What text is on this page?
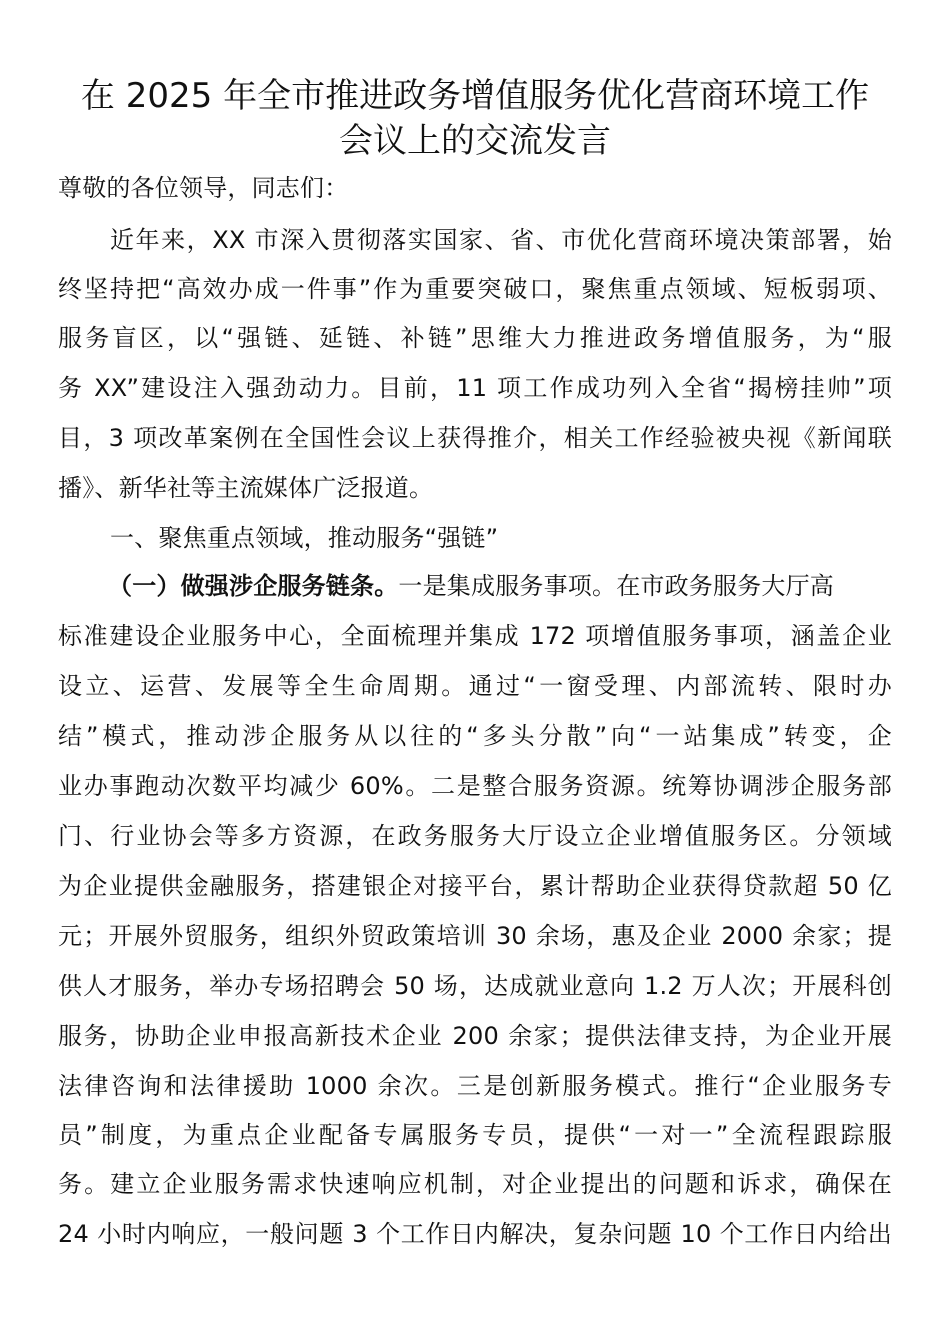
在 2025 年全市推进政务增值服务优化营商环境工作
会议上的交流发言
尊敬的各位领导，同志们：
近年来，XX 市深入贯彻落实国家、省、市优化营商环境决策部署，始
终坚持把“高效办成一件事”作为重要突破口，聚焦重点领域、短板弱项、
服务盲区，以“强链、延链、补链”思维大力推进政务增值服务，为“服
务 XX”建设注入强劲动力。目前，11 项工作成功列入全省“揭榜挂帅”项
目，3 项改革案例在全国性会议上获得推介，相关工作经验被央视《新闻联
播》、新华社等主流媒体广泛报道。
一、聚焦重点领域，推动服务“强链”
（一）做强涉企服务链条。一是集成服务事项。在市政务服务大厅高
标准建设企业服务中心，全面梳理并集成 172 项增值服务事项，涵盖企业
设立、运营、发展等全生命周期。通过“一窗受理、内部流转、限时办
结”模式，推动涉企服务从以往的“多头分散”向“一站集成”转变，企
业办事跑动次数平均减少 60%。二是整合服务资源。统筹协调涉企服务部
门、行业协会等多方资源，在政务服务大厅设立企业增值服务区。分领域
为企业提供金融服务，搭建银企对接平台，累计帮助企业获得贷款超 50 亿
元；开展外贸服务，组织外贸政策培训 30 余场，惠及企业 2000 余家；提
供人才服务，举办专场招聘会 50 场，达成就业意向 1.2 万人次；开展科创
服务，协助企业申报高新技术企业 200 余家；提供法律支持，为企业开展
法律咨询和法律援助 1000 余次。三是创新服务模式。推行“企业服务专
员”制度，为重点企业配备专属服务专员，提供“一对一”全流程跟踪服
务。建立企业服务需求快速响应机制，对企业提出的问题和诉求，确保在
24 小时内响应，一般问题 3 个工作日内解决，复杂问题 10 个工作日内给出
